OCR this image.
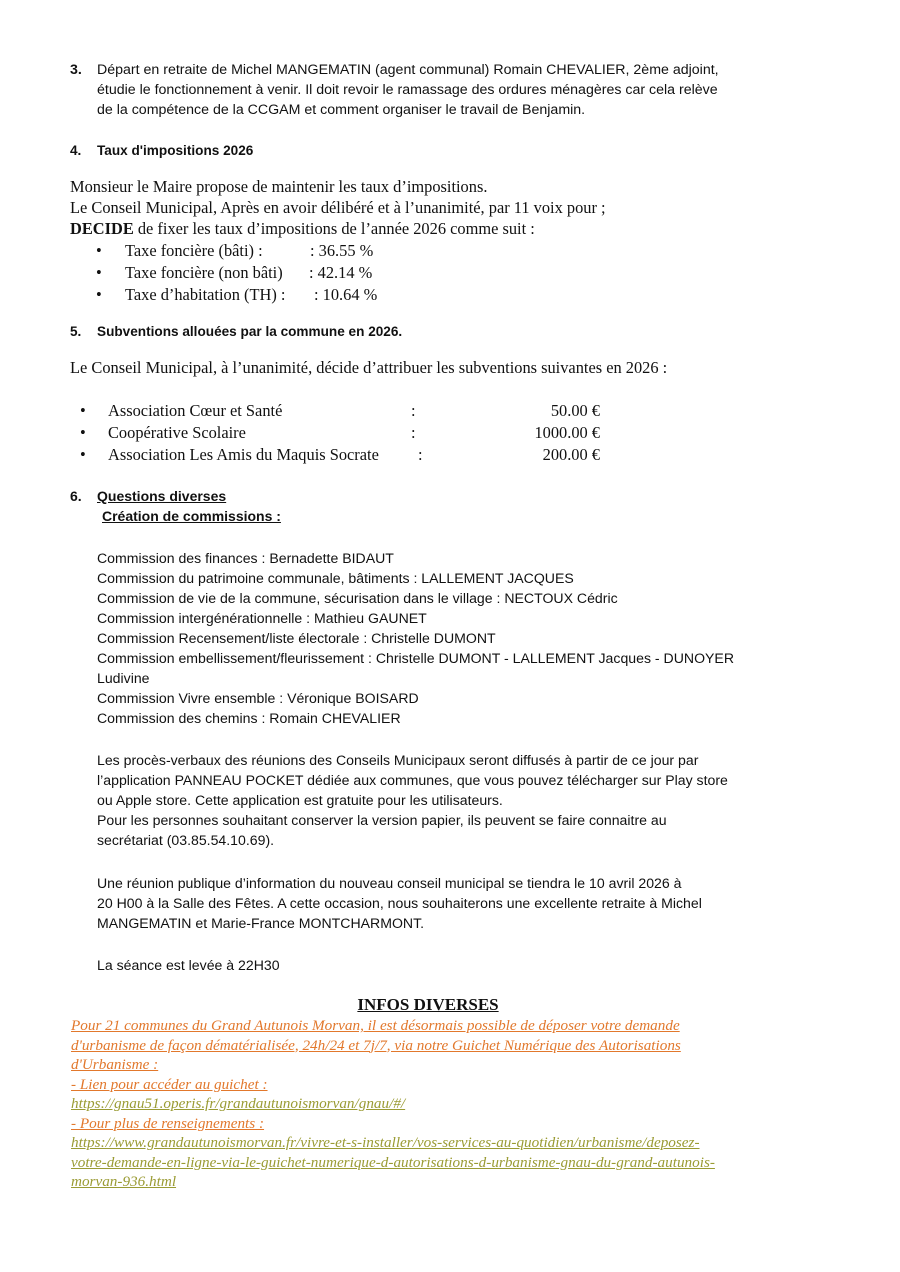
3. Départ en retraite de Michel MANGEMATIN (agent communal) Romain CHEVALIER, 2ème adjoint,
étudie le fonctionnement à venir. Il doit revoir le ramassage des ordures ménagères car cela relève
de la compétence de la CCGAM et comment organiser le travail de Benjamin.
4. Taux d'impositions 2026
Monsieur le Maire propose de maintenir les taux d’impositions.
Le Conseil Municipal, Après en avoir délibéré et à l’unanimité, par 11 voix pour ;
DECIDE de fixer les taux d’impositions de l’année 2026 comme suit :
• Taxe foncière (bâti) :	: 36.55 %
• Taxe foncière (non bâti) : 42.14 %
• Taxe d’habitation (TH) : : 10.64 %
5. Subventions allouées par la commune en 2026.
Le Conseil Municipal, à l’unanimité, décide d’attribuer les subventions suivantes en 2026 :
• Association Cœur et Santé	:	50.00 €
• Coopérative Scolaire	:	1000.00 €
• Association Les Amis du Maquis Socrate :	200.00 €
6. Questions diverses
Création de commissions :
Commission des finances : Bernadette BIDAUT
Commission du patrimoine communale, bâtiments : LALLEMENT JACQUES
Commission de vie de la commune, sécurisation dans le village : NECTOUX Cédric
Commission intergénérationnelle : Mathieu GAUNET
Commission Recensement/liste électorale : Christelle DUMONT
Commission embellissement/fleurissement : Christelle DUMONT - LALLEMENT Jacques - DUNOYER
Ludivine
Commission Vivre ensemble : Véronique BOISARD
Commission des chemins : Romain CHEVALIER
Les procès-verbaux des réunions des Conseils Municipaux seront diffusés à partir de ce jour par
l’application PANNEAU POCKET dédiée aux communes, que vous pouvez télécharger sur Play store
ou Apple store. Cette application est gratuite pour les utilisateurs.
Pour les personnes souhaitant conserver la version papier, ils peuvent se faire connaitre au
secrétariat (03.85.54.10.69).
Une réunion publique d’information du nouveau conseil municipal se tiendra le 10 avril 2026 à
20 H00 à la Salle des Fêtes. A cette occasion, nous souhaiterons une excellente retraite à Michel
MANGEMATIN et Marie-France MONTCHARMONT.
La séance est levée à 22H30
INFOS DIVERSES
Pour 21 communes du Grand Autunois Morvan, il est désormais possible de déposer votre demande
d'urbanisme de façon dématérialisée, 24h/24 et 7j/7, via notre Guichet Numérique des Autorisations
d'Urbanisme :
- Lien pour accéder au guichet :
https://gnau51.operis.fr/grandautunoismorvan/gnau/#/
- Pour plus de renseignements :
https://www.grandautunoismorvan.fr/vivre-et-s-installer/vos-services-au-quotidien/urbanisme/deposez-
votre-demande-en-ligne-via-le-guichet-numerique-d-autorisations-d-urbanisme-gnau-du-grand-autunois-
morvan-936.html
